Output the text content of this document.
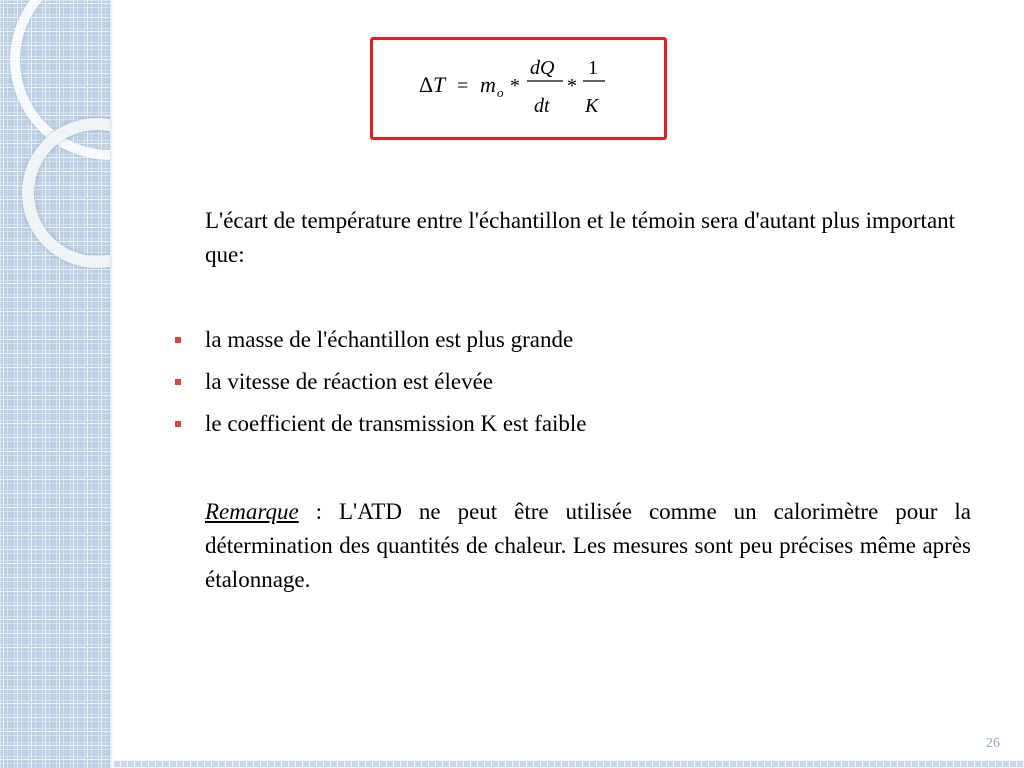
Δ T = m o *
dQ
dt
*
1
K
L'écart de température entre l'échantillon et le témoin sera d'autant plus important que:
la masse de l'échantillon est plus grande
la vitesse de réaction est élevée
le coefficient de transmission K est faible
Remarque : L'ATD ne peut être utilisée comme un calorimètre pour la détermination des quantités de chaleur. Les mesures sont peu précises même après étalonnage.
26
